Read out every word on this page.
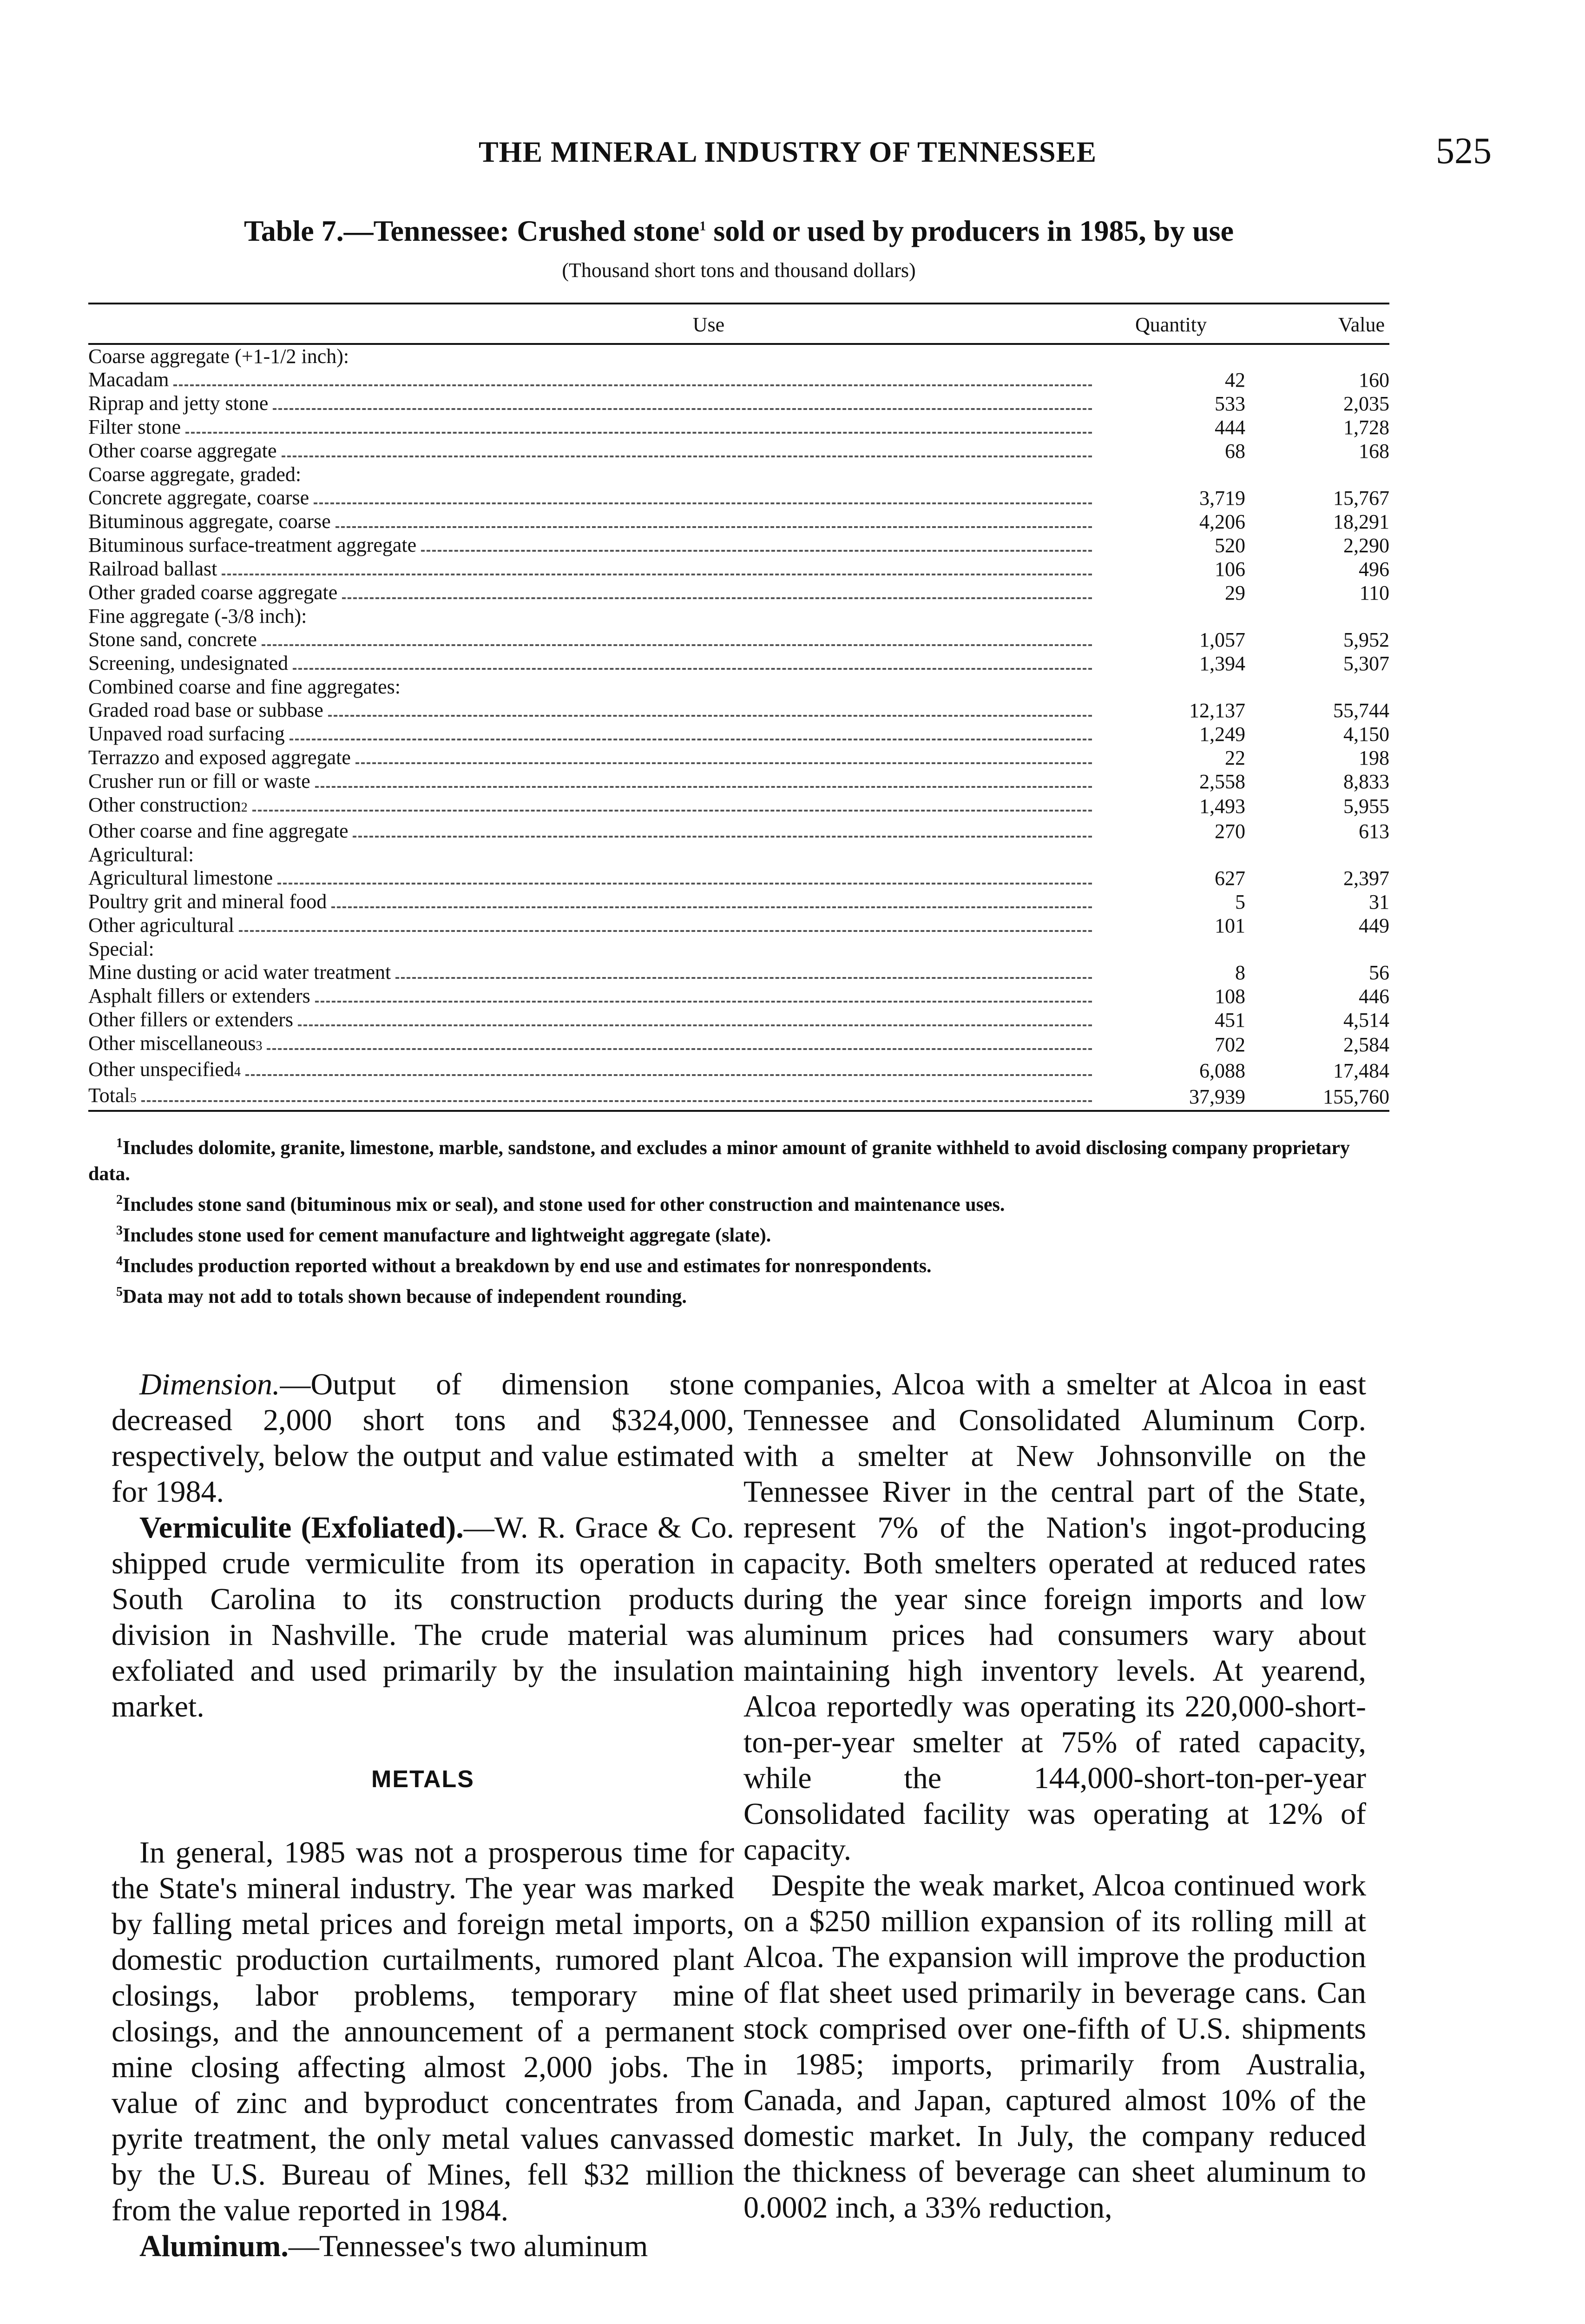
THE MINERAL INDUSTRY OF TENNESSEE	525
Table 7.—Tennessee: Crushed stone$^1$ sold or used by producers in 1985, by use
(Thousand short tons and thousand dollars)
Use	Quantity	Value
Coarse aggregate (+1-1/2 inch):		

Macadam	42	160

Riprap and jetty stone	533	2,035

Filter stone	444	1,728

Other coarse aggregate	68	168
Coarse aggregate, graded:		

Concrete aggregate, coarse	3,719	15,767

Bituminous aggregate, coarse	4,206	18,291

Bituminous surface-treatment aggregate	520	2,290

Railroad ballast	106	496

Other graded coarse aggregate	29	110
Fine aggregate (-3/8 inch):		

Stone sand, concrete	1,057	5,952

Screening, undesignated	1,394	5,307
Combined coarse and fine aggregates:		

Graded road base or subbase	12,137	55,744

Unpaved road surfacing	1,249	4,150

Terrazzo and exposed aggregate	22	198

Crusher run or fill or waste	2,558	8,833

Other construction 2	1,493	5,955

Other coarse and fine aggregate	270	613
Agricultural:		

Agricultural limestone	627	2,397

Poultry grit and mineral food	5	31

Other agricultural	101	449
Special:		

Mine dusting or acid water treatment	8	56

Asphalt fillers or extenders	108	446

Other fillers or extenders	451	4,514

Other miscellaneous 3	702	2,584

Other unspecified 4	6,088	17,484

Total 5	37,939	155,760

$^1$Includes dolomite, granite, limestone, marble, sandstone, and excludes a minor amount of granite withheld to avoid disclosing company proprietary data.

$^2$Includes stone sand (bituminous mix or seal), and stone used for other construction and maintenance uses.

$^3$Includes stone used for cement manufacture and lightweight aggregate (slate).

$^4$Includes production reported without a breakdown by end use and estimates for nonrespondents.

$^5$Data may not add to totals shown because of independent rounding.

Dimension.—Output of dimension stone decreased 2,000 short tons and $324,000, respectively, below the output and value estimated for 1984.

Vermiculite (Exfoliated).—W. R. Grace & Co. shipped crude vermiculite from its operation in South Carolina to its construction products division in Nashville. The crude material was exfoliated and used primarily by the insulation market.

METALS

In general, 1985 was not a prosperous time for the State's mineral industry. The year was marked by falling metal prices and foreign metal imports, domestic production curtailments, rumored plant closings, labor problems, temporary mine closings, and the announcement of a permanent mine closing affecting almost 2,000 jobs. The value of zinc and byproduct concentrates from pyrite treatment, the only metal values canvassed by the U.S. Bureau of Mines, fell $32 million from the value reported in 1984.

Aluminum.—Tennessee's two aluminum

companies, Alcoa with a smelter at Alcoa in east Tennessee and Consolidated Aluminum Corp. with a smelter at New Johnsonville on the Tennessee River in the central part of the State, represent 7% of the Nation's ingot-producing capacity. Both smelters operated at reduced rates during the year since foreign imports and low aluminum prices had consumers wary about maintaining high inventory levels. At yearend, Alcoa reportedly was operating its 220,000-short-ton-per-year smelter at 75% of rated capacity, while the 144,000-short-ton-per-year Consolidated facility was operating at 12% of capacity.

Despite the weak market, Alcoa continued work on a $250 million expansion of its rolling mill at Alcoa. The expansion will improve the production of flat sheet used primarily in beverage cans. Can stock comprised over one-fifth of U.S. shipments in 1985; imports, primarily from Australia, Canada, and Japan, captured almost 10% of the domestic market. In July, the company reduced the thickness of beverage can sheet aluminum to 0.0002 inch, a 33% reduction,
